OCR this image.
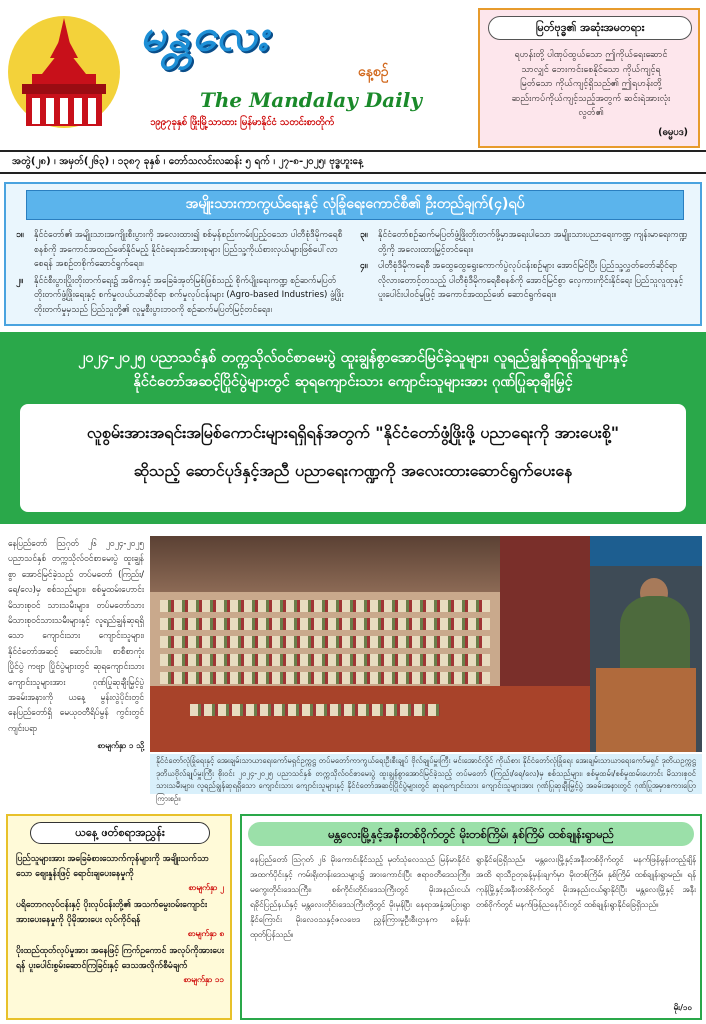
မန္တလေး
နေ့စဉ်
The Mandalay Daily
၁၉၉၇ခုနှစ် ဖြိုးမြို့သာထား မြန်မာနိုင်ငံ သတင်းစာတိုက်
မြတ်ဗုဒ္ဓ၏ အဆုံးအမတရား
ရဟန်းတို့ ပါဏုပ်ထွယ်သော ဤကိုယ်ရေးဆောင်
သာလျှင် ဘေးကင်းစေနိုင်သော ကိုယ်ကျင့်ရ
မြတ်သော ကိုယ်ကျင့်ရှိသည်၏ ဤရဟန်းတို့
ဆည်းကပ်ကိုယ်ကျင့်သည့်အတွက် ဆင်းရဲအားလုံး
လွတ်၏
(ဓမ္မပဒ)
အတွဲ(၂၈) ၊ အမှတ်(၂၆၃) ၊ ၁၃၈၇ ခုနှစ် ၊ တော်သလင်းလဆန်း ၅ ရက် ၊ ၂၇-၈-၂၀၂၅၊ ဗုဒ္ဓဟူးနေ့
အမျိုးသားကာကွယ်ရေးနှင့် လုံခြုံရေးကောင်စီ၏ ဦးတည်ချက်(၄)ရပ်
၁။	နိုင်ငံတော်၏ အမျိုးသားအကျိုးစီးပွားကို အလေးထား၍ စစ်မှန်စည်းကမ်းပြည့်ဝသော ပါတီစုံဒီမိုကရေစီစနစ်ကို အကောင်အထည်ဖော်နိုင်မည့် နိုင်ငံရေးအင်အားစုများ ပြည်သူ့ကိုယ်စားလှယ်များဖြစ်ပေါ်လာစေရန် အစဉ်တစိုက်ဆောင်ရွက်ရေး။
၂။	နိုင်ငံစီးပွားပြိုးတိုးတက်ရေး၌ အဓိကနှင့် အခြေခံအုတ်မြစ်ဖြစ်သည့် စိုက်ပျိုးရေးကဏ္ဍ စဉ်ဆက်မပြတ်တိုးတက်ဖွံ့ဖြိုးရေးနှင့် စက်မှုလယ်ယာဆိုင်ရာ စက်မှုလုပ်ငန်းများ (Agro-based Industries) ဖွံ့ဖြိုးတိုးတက်မှုမှသည် ပြည်သူတို့၏ လူမှုစီးပွားဘဝကို စဉ်ဆက်မပြတ်မြင့်တင်ရေး။
၃။	နိုင်ငံတော်စဉ်ဆက်မပြတ်ဖွံ့ဖြိုးတိုးတက်ဖို့မှာအရေးပါသော အမျိုးသားပညာရေးကဏ္ဍ ကျန်းမာရေးကဏ္ဍတို့ကို အလေးထားမြှင့်တင်ရေး။
၄။	ပါတီစုံဒီမိုကရေစီ အထွေထွေရွေးကောက်ပွဲလုပ်ငန်းစဉ်များ အောင်မြင်ပြီး ပြည်သူ့လွှတ်တော်ဆိုင်ရာ လိုလားတောင့်တသည့် ပါတီစုံဒီမိုကရေစီစနစ်ကို အောင်မြင်စွာ လှေကားကိုင်းနိုင်ရေး ပြည်သူလူထုနှင့် ပူးပေါင်းပါဝင်မှုဖြင့် အကောင်အထည်ဖော် ဆောင်ရွက်ရေး။
၂၀၂၄-၂၀၂၅ ပညာသင်နှစ် တက္ကသိုလ်ဝင်စာမေးပွဲ ထူးချွန်စွာအောင်မြင်ခဲ့သူများ၊ လူရည်ချွန်ဆုရရှိသူများနှင့်
နိုင်ငံတော်အဆင့်ပြိုင်ပွဲများတွင် ဆုရကျောင်းသား ကျောင်းသူများအား ဂုဏ်ပြုဆုချီးမြှင့်
လူစွမ်းအားအရင်းအမြစ်ကောင်းများရရှိရန်အတွက် "နိုင်ငံတော်ဖွံ့ဖြိုးဖို့ ပညာရေးကို အားပေးစို့"
ဆိုသည့် ဆောင်ပုဒ်နှင့်အညီ ပညာရေးကဏ္ဍကို အလေးထားဆောင်ရွက်ပေးနေ
နေပြည်တော် ဩဂုတ် ၂၆ ၂၀၂၄-၂၀၂၅ ပညာသင်နှစ် တက္ကသိုလ်ဝင်စာမေးပွဲ ထူးချွန်စွာ အောင်မြင်ခဲ့သည့် တပ်မတော် (ကြည်း/ရေ/လေ)မှ စစ်သည်များ၊ စစ်မှုထမ်းဟောင်းမိသားစုဝင် သားသမီးများ၊ တပ်မတော်သားမိသားစုဝင်သားသမီးများနှင့် လူရည်ချွန်ဆုရရှိသော ကျောင်းသား ကျောင်းသူများ၊ နိုင်ငံတော်အဆင့် ဆောင်းပါး၊ စာစီစာကုံး ပြိုင်ပွဲ ကဗျာ ပြိုင်ပွဲများတွင် ဆုရကျောင်းသား ကျောင်းသူများအား ဂုဏ်ပြုဆုချီးမြှင့်ပွဲ အခမ်းအနားကို ယနေ့ မွန်းလွဲပိုင်းတွင် နေပြည်တော်ရှိ မေယုဝတီရိပ်မွန် ကွင်းတွင် ကျင်းပရာ
စာမျက်နှာ ၁ သို့
နိုင်ငံတော်လုံခြုံရေးနှင့် အေးချမ်းသာယာရေးကော်မရှင်ဥက္ကဋ္ဌ တပ်မတော်ကာကွယ်ရေးဦးစီးချုပ် ဗိုလ်ချုပ်မှူးကြီး မင်းအောင်လှိုင် ကိုယ်စား နိုင်ငံတော်လုံခြုံရေး အေးချမ်းသာယာရေးကော်မရှင် ဒုတိယဥက္ကဋ္ဌ ဒုတိယဗိုလ်ချုပ်မှူးကြီး စိုးဝင်း ၂၀၂၄-၂၀၂၅ ပညာသင်နှစ် တက္ကသိုလ်ဝင်စာမေးပွဲ ထူးချွန်စွာအောင်မြင်ခဲ့သည့် တပ်မတော် (ကြည်း/ရေ/လေ)မှ စစ်သည်များ၊ စစ်မှုထမ်း/စစ်မှုထမ်းဟောင်း မိသားစုဝင် သားသမီးများ၊ လူရည်ချွန်ဆုရရှိသော ကျောင်းသား ကျောင်းသူများနှင့် နိုင်ငံတော်အဆင့်ပြိုင်ပွဲများတွင် ဆုရကျောင်းသား ကျောင်းသူများအား ဂုဏ်ပြုဆုချီးမြှင့်ပွဲ အခမ်းအနားတွင် ဂုဏ်ပြုအမှာစကားပြောကြားစဉ်။
ယနေ့ ဖတ်စရာအညွှန်း
ပြည်သူများအား အခြေခံစားသောက်ကုန်များကို အချိုးသက်သာသော ဈေးနှုန်းဖြင့် ရောင်းချပေးနေမှုကို
စာမျက်နှာ ၂
ပရိဘောဂလုပ်ငန်းနှင့် ပိုးလုပ်ငန်းတို့၏ အသက်မွေးဝမ်းကျောင်းအားပေးနေမှုကို ပိုမိုအားပေး လုပ်ကိုင်ရန်
စာမျက်နှာ ၈
ပိုးထည်ထုတ်လုပ်မှုအား အနေဖြင့် ကြက်ဥကောင် အလုပ်ကိုအားပေးရန် ပူးပေါင်းစွမ်းဆောင်ကြခြင်းနှင့် ဒေသအလိုက်စီမံချက်
စာမျက်နှာ ၁၁
မန္တလေးမြို့နှင့်အနီးတစ်ဝိုက်တွင် မိုးတစ်ကြိမ်၊ နှစ်ကြိမ် ထစ်ချုန်းရွာမည်
နေပြည်တော် ဩဂုတ် ၂၆ မိုးကောင်းနိုင်သည့် မုတ်သုံလေသည် မြန်မာနိုင်ငံ အထက်ပိုင်းနှင့် ကမ်းရိုးတန်းဒေသများ၌ အားကောင်းပြီး ဧရာဝတီဒေသကြီး၊ မကွေးတိုင်းဒေသကြီး၊ စစ်ကိုင်းတိုင်းဒေသကြီးတွင် မိုးအနည်းငယ်၊ ရခိုင်ပြည်နယ်နှင့် မန္တလေးတိုင်းဒေသကြီးတို့တွင် မိုးမှန်ပြီး နေရာအနှံ့အပြားရွာနိုင်ကြောင်း မိုးလေဝသနှင့်ဇလဗေဒ ညွှန်ကြားမှုဦးစီးဌာနက ခန့်မှန်းထုတ်ပြန်သည်။
ရွာနိုင်ခြေရှိသည်။ မန္တလေးမြို့နှင့်အနီးတစ်ဝိုက်တွင် မနက်ဖြန်မွန်းတည့်ချိန်အထိ ရာသီဥတုခန့်မှန်းချက်မှာ မိုးတစ်ကြိမ်၊ နှစ်ကြိမ် ထစ်ချုန်းရွာမည်။ ရန်ကုန်မြို့နှင့်အနီးတစ်ဝိုက်တွင် မိုးအနည်းငယ်ရွာနိုင်ပြီး မန္တလေးမြို့နှင့် အနီးတစ်ဝိုက်တွင် မနက်ဖြန်ညနေပိုင်းတွင် ထစ်ချုန်းရွာနိုင်ခြေရှိသည်။
မိုး/၁၀
